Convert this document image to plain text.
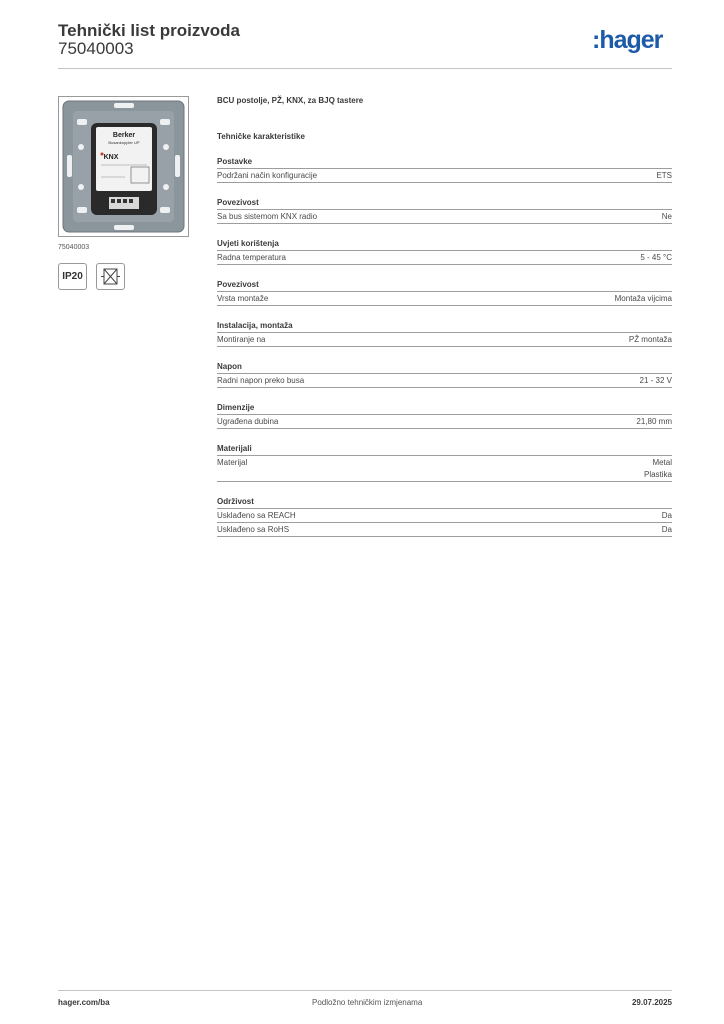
Tehnički list proizvoda
75040003	:hager
Berker
Busankoppler UP
KNX
75040003
IP20
BCU postolje, PŽ, KNX, za BJQ tastere
Tehničke karakteristike
Postavke
Podržani način konfiguracije	ETS
Povezivost
Sa bus sistemom KNX radio	Ne
Uvjeti korištenja
Radna temperatura	5 - 45 °C
Povezivost
Vrsta montaže	Montaža vijcima
Instalacija, montaža
Montiranje na	PŽ montaža
Napon
Radni napon preko busa	21 - 32 V
Dimenzije
Ugrađena dubina	21,80 mm
Materijali
Materijal	Metal
Plastika
Održivost
Usklađeno sa REACH	Da
Usklađeno sa RoHS	Da
hager.com/ba	Podložno tehničkim izmjenama	29.07.2025
